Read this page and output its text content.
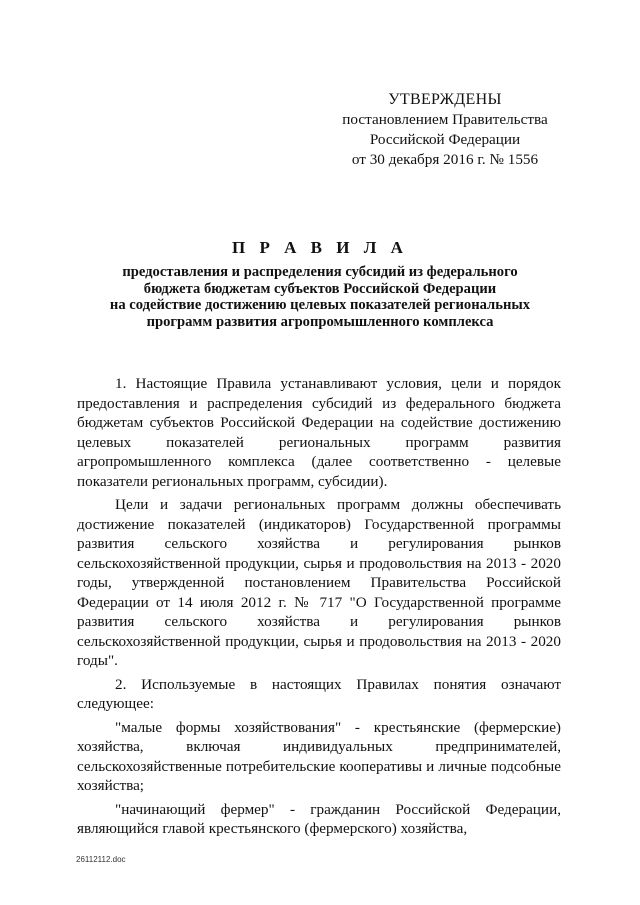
УТВЕРЖДЕНЫ
постановлением Правительства
Российской Федерации
от 30 декабря 2016 г. № 1556
П Р А В И Л А
предоставления и распределения субсидий из федерального
бюджета бюджетам субъектов Российской Федерации
на содействие достижению целевых показателей региональных
программ развития агропромышленного комплекса

1. Настоящие Правила устанавливают условия, цели и порядок предоставления и распределения субсидий из федерального бюджета бюджетам субъектов Российской Федерации на содействие достижению целевых показателей региональных программ развития агропромышленного комплекса (далее соответственно - целевые показатели региональных программ, субсидии).

Цели и задачи региональных программ должны обеспечивать достижение показателей (индикаторов) Государственной программы развития сельского хозяйства и регулирования рынков сельскохозяйственной продукции, сырья и продовольствия на 2013 - 2020 годы, утвержденной постановлением Правительства Российской Федерации от 14 июля 2012 г. № 717 "О Государственной программе развития сельского хозяйства и регулирования рынков сельскохозяйственной продукции, сырья и продовольствия на 2013 - 2020 годы".

2. Используемые в настоящих Правилах понятия означают следующее:

"малые формы хозяйствования" - крестьянские (фермерские) хозяйства, включая индивидуальных предпринимателей, сельскохозяйственные потребительские кооперативы и личные подсобные хозяйства;

"начинающий фермер" - гражданин Российской Федерации, являющийся главой крестьянского (фермерского) хозяйства,

26112112.doc
